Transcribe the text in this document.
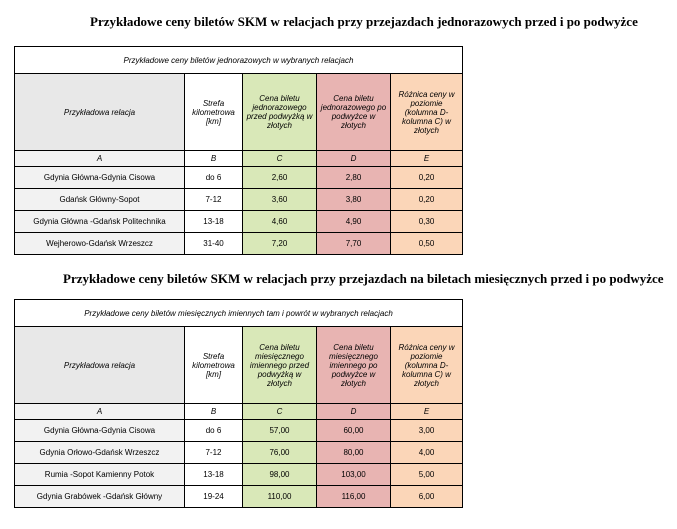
Przykładowe ceny biletów SKM w relacjach przy przejazdach jednorazowych przed i po podwyżce
Przykładowe ceny biletów jednorazowych w wybranych relacjach				
Przykładowa relacja	Strefa kilometrowa [km]	Cena biletu jednorazowego przed podwyżką w złotych	Cena biletu jednorazowego po podwyżce w złotych	Różnica ceny w poziomie (kolumna D- kolumna C) w złotych
A	B	C	D	E
Gdynia Główna-Gdynia Cisowa	do 6	2,60	2,80	0,20
Gdańsk Główny-Sopot	7-12	3,60	3,80	0,20
Gdynia Główna -Gdańsk Politechnika	13-18	4,60	4,90	0,30
Wejherowo-Gdańsk Wrzeszcz	31-40	7,20	7,70	0,50
Przykładowe ceny biletów SKM w relacjach przy przejazdach na biletach miesięcznych przed i po podwyżce
Przykładowe ceny biletów miesięcznych imiennych tam i powrót w wybranych relacjach				
Przykładowa relacja	Strefa kilometrowa [km]	Cena biletu miesięcznego imiennego przed podwyżką w złotych	Cena biletu miesięcznego imiennego po podwyżce w złotych	Różnica ceny w poziomie (kolumna D- kolumna C) w złotych
A	B	C	D	E
Gdynia Główna-Gdynia Cisowa	do 6	57,00	60,00	3,00
Gdynia Orłowo-Gdańsk Wrzeszcz	7-12	76,00	80,00	4,00
Rumia -Sopot Kamienny Potok	13-18	98,00	103,00	5,00
Gdynia Grabówek -Gdańsk Główny	19-24	110,00	116,00	6,00
